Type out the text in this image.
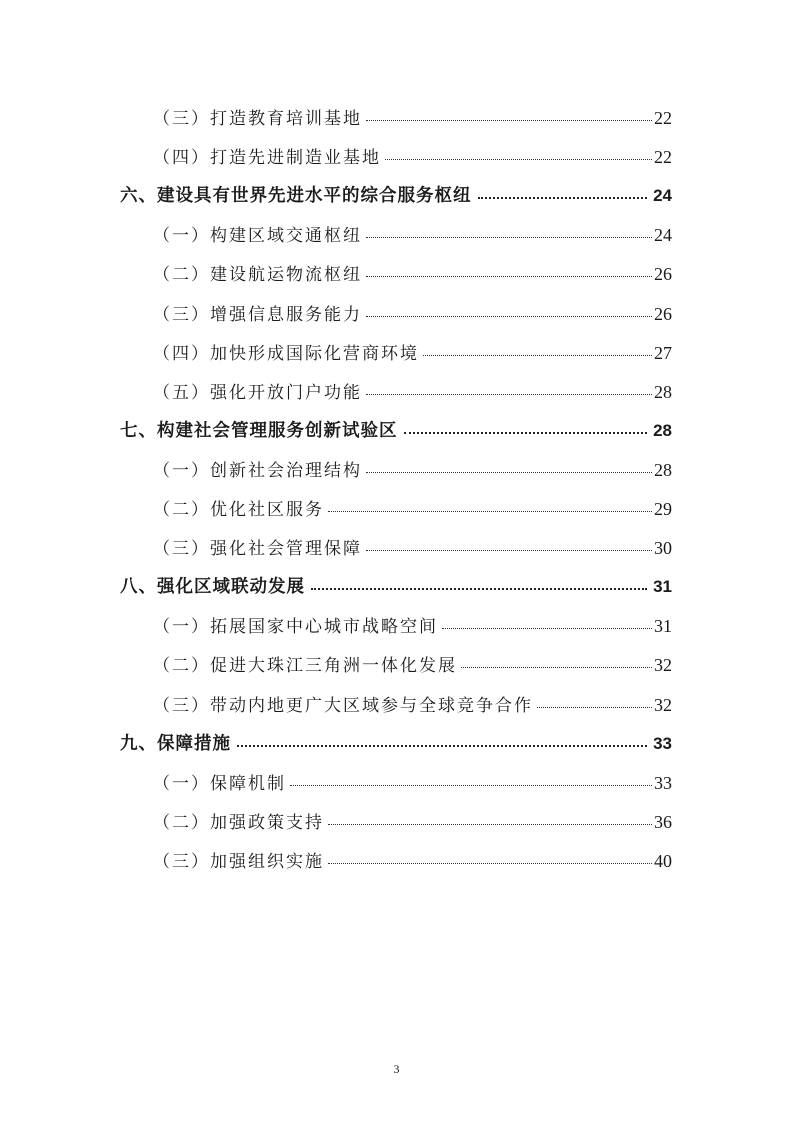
（三）打造教育培训基地	22
（四）打造先进制造业基地	22
六、建设具有世界先进水平的综合服务枢纽	24
（一）构建区域交通枢纽	24
（二）建设航运物流枢纽	26
（三）增强信息服务能力	26
（四）加快形成国际化营商环境	27
（五）强化开放门户功能	28
七、构建社会管理服务创新试验区	28
（一）创新社会治理结构	28
（二）优化社区服务	29
（三）强化社会管理保障	30
八、强化区域联动发展	31
（一）拓展国家中心城市战略空间	31
（二）促进大珠江三角洲一体化发展	32
（三）带动内地更广大区域参与全球竞争合作	32
九、保障措施	33
（一）保障机制	33
（二）加强政策支持	36
（三）加强组织实施	40
3
